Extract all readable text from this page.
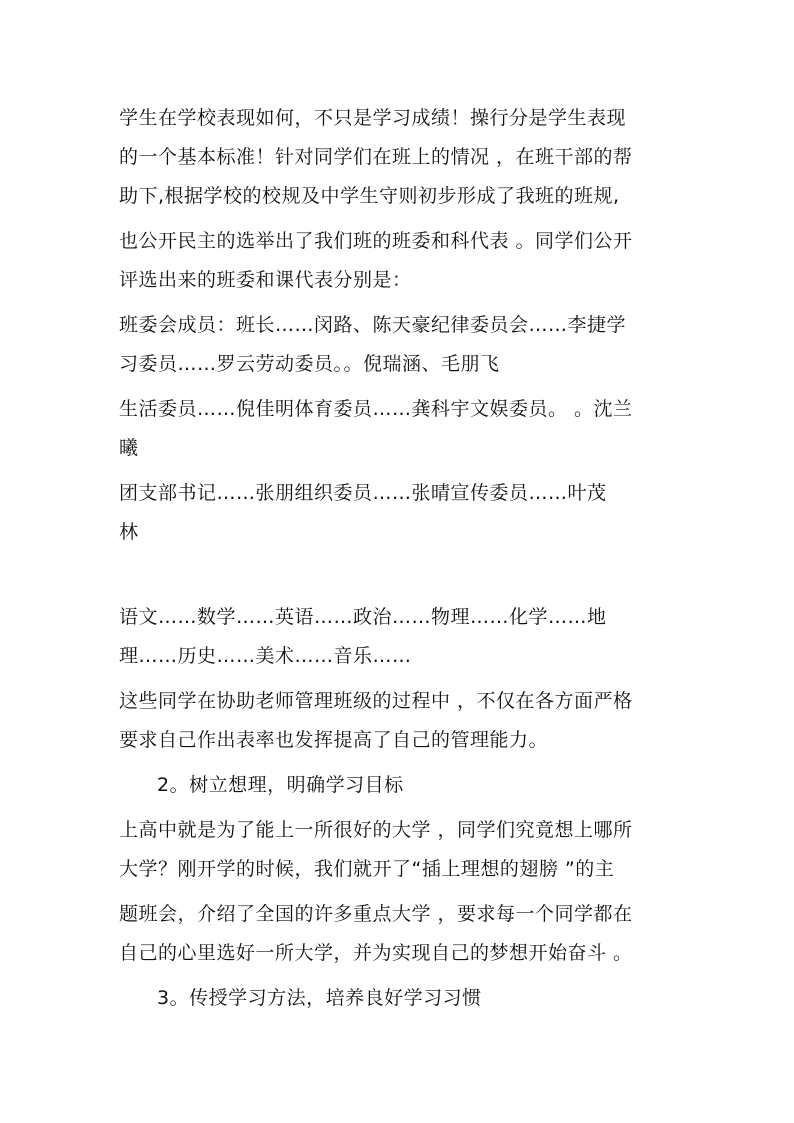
学生在学校表现如何，不只是学习成绩！操行分是学生表现
的一个基本标准！针对同学们在班上的情况 ，在班干部的帮
助下,根据学校的校规及中学生守则初步形成了我班的班规,
也公开民主的选举出了我们班的班委和科代表 。同学们公开
评选出来的班委和课代表分别是：
班委会成员：班长……闵路、陈天豪纪律委员会……李捷学
习委员……罗云劳动委员。。倪瑞涵、毛朋飞
生活委员……倪佳明体育委员……龚科宇文娱委员。 。沈兰
曦
团支部书记……张朋组织委员……张晴宣传委员……叶茂
林
语文……数学……英语……政治……物理……化学……地
理……历史……美术……音乐……
这些同学在协助老师管理班级的过程中 ，不仅在各方面严格
要求自己作出表率也发挥提高了自己的管理能力。
2。树立想理，明确学习目标
上高中就是为了能上一所很好的大学 ，同学们究竟想上哪所
大学？刚开学的时候，我们就开了“插上理想的翅膀 ”的主
题班会，介绍了全国的许多重点大学 ，要求每一个同学都在
自己的心里选好一所大学，并为实现自己的梦想开始奋斗 。
3。传授学习方法，培养良好学习习惯
